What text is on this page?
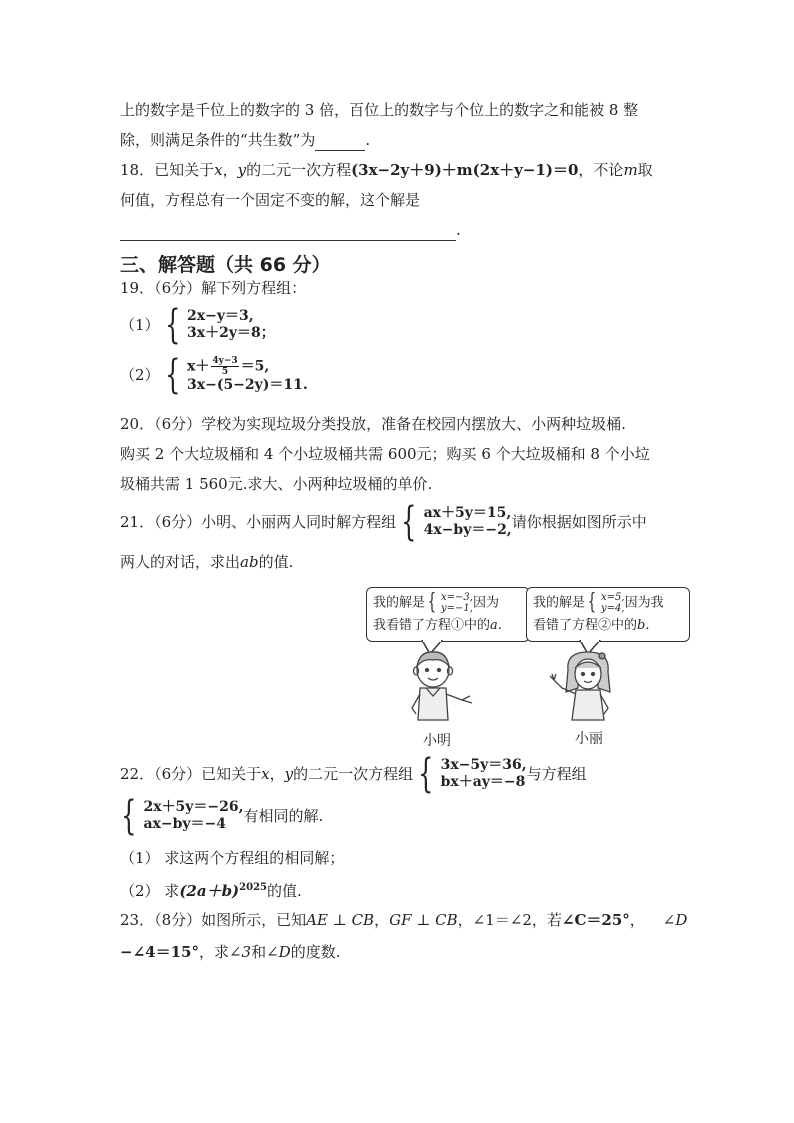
上的数字是千位上的数字的 3 倍，百位上的数字与个位上的数字之和能被 8 整
除，则满足条件的“共生数”为	.
18．已知关于x，y的二元一次方程(3x−2y＋9)＋m(2x＋y−1)＝0，不论m取
何值，方程总有一个固定不变的解，这个解是
.
三、解答题（共 66 分）
19．（6分）解下列方程组：
（1） { 2x−y＝3,
3x＋2y＝8；
（2） { $x+ \frac{4y-3}{5} =5$,
3x−(5−2y)＝11.
20．（6分）学校为实现垃圾分类投放，准备在校园内摆放大、小两种垃圾桶.
购买 2 个大垃圾桶和 4 个小垃圾桶共需 600元；购买 6 个大垃圾桶和 8 个小垃
圾桶共需 1 560元.求大、小两种垃圾桶的单价.
21．（6分）小明、小丽两人同时解方程组 { ax＋5y＝15,
4x−by＝−2, 请你根据如图所示中
两人的对话，求出ab的值.
我的解是 { x=−3,
y=−1, 因为
我看错了方程①中的a.
我的解是 { x=5,
y=4, 因为我
看错了方程②中的b.
小明	小丽
22．（6分）已知关于 x ， y 的二元一次方程组 { 3x−5y＝36,
bx＋ay＝−8 与方程组
{ 2x＋5y＝−26,
ax−by＝−4	有相同的解.
（1） 求这两个方程组的相同解；
（2） 求$(2a+b)^{2025}$的值.
23．（8分）如图所示，已知AE ⊥ CB，GF ⊥ CB，∠1＝∠2，若∠C＝25°， ∠D
−∠4＝15°，求∠3和∠D的度数.
